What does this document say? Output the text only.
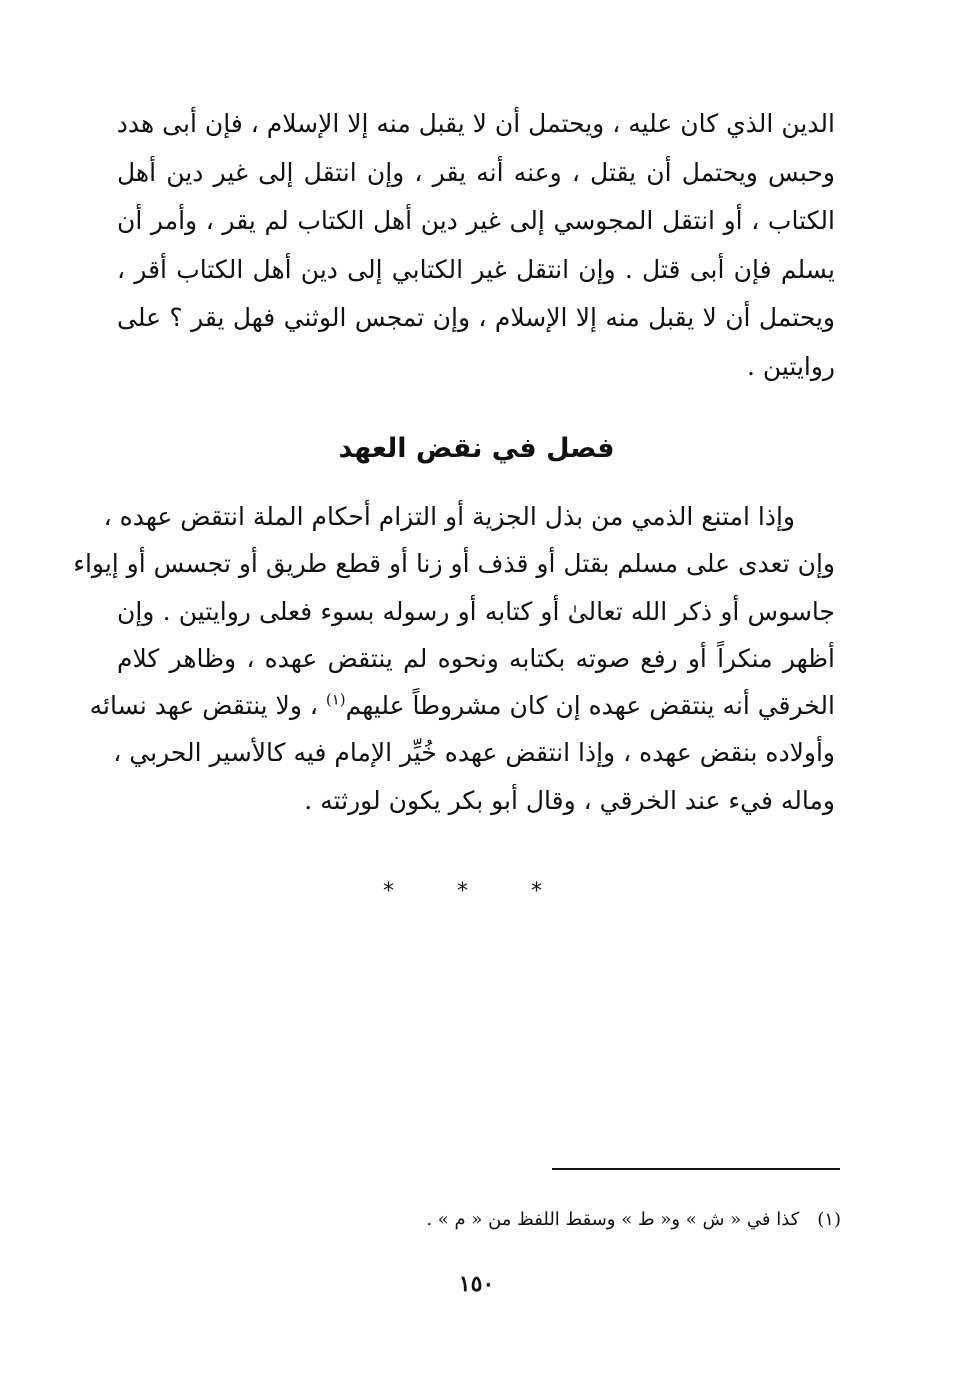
الدين الذي كان عليه ، ويحتمل أن لا يقبل منه إلا الإسلام ، فإن أبى هدد
وحبس ويحتمل أن يقتل ، وعنه أنه يقر ، وإن انتقل إلى غير دين أهل
الكتاب ، أو انتقل المجوسي إلى غير دين أهل الكتاب لم يقر ، وأمر أن
يسلم فإن أبى قتل . وإن انتقل غير الكتابي إلى دين أهل الكتاب أقر ،
ويحتمل أن لا يقبل منه إلا الإسلام ، وإن تمجس الوثني فهل يقر ؟ على
روايتين .
فصل في نقض العهد
وإذا امتنع الذمي من بذل الجزية أو التزام أحكام الملة انتقض عهده ،
وإن تعدى على مسلم بقتل أو قذف أو زنا أو قطع طريق أو تجسس أو إيواء
جاسوس أو ذكر الله تعالىٰ أو كتابه أو رسوله بسوء فعلى روايتين . وإن
أظهر منكراً أو رفع صوته بكتابه ونحوه لم ينتقض عهده ، وظاهر كلام
الخرقي أنه ينتقض عهده إن كان مشروطاً عليهم$^{(١)}$ ، ولا ينتقض عهد نسائه
وأولاده بنقض عهده ، وإذا انتقض عهده خُيِّر الإمام فيه كالأسير الحربي ،
وماله فيء عند الخرقي ، وقال أبو بكر يكون لورثته .
* * *
(١)كذا في « ش » و« ط » وسقط اللفظ من « م » .
١٥٠
